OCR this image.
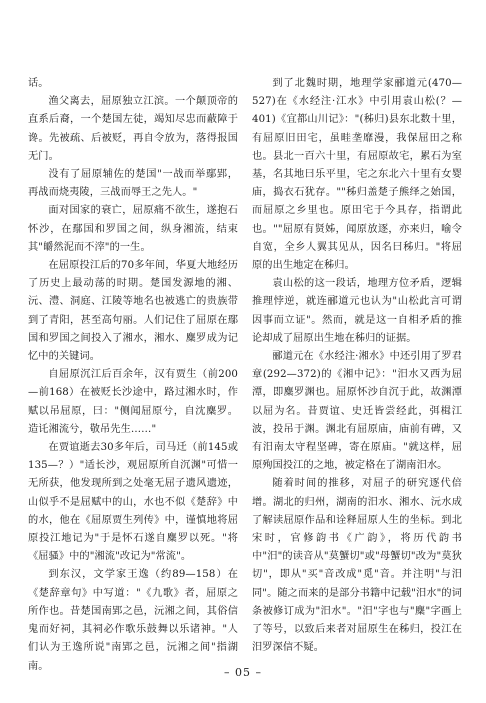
话。

渔父离去，屈原独立江滨。一个颠顶帝的直系后裔，一个楚国左徒，竭知尽忠而蔽障于谗。先被疏、后被贬，再自令放为，落得报国无门。

没有了屈原辅佐的楚国"一战而举鄢郢，再战而烧夷陵，三战而辱王之先人。"

面对国家的衰亡，屈原痛不欲生，遂抱石怀沙，在鄢国和罗国之间，纵身湘流，结束其"皭然泥而不滓"的一生。

在屈原投江后的70多年间，华夏大地经历了历史上最动荡的时期。楚国发源地的湘、沅、澧、洞庭、江陵等地名也被逃亡的贵族带到了青阳，甚至高句丽。人们记住了屈原在鄢国和罗国之间投入了湘水，湘水、麋罗成为记忆中的关键词。

自屈原沉江后百余年，汉有贾生（前200—前168）在被贬长沙途中，路过湘水时，作赋以吊屈原，曰："侧闻屈原兮，自沈麋罗。造讬湘流兮，敬吊先生……"

在贾谊逝去30多年后，司马迁（前145或135—？）"适长沙，观屈原所自沉渊"可惜一无所获，他发现所到之处毫无屈子遗风遗迹，山似乎不是屈赋中的山，水也不似《楚辞》中的水，他在《屈原贾生列传》中，谨慎地将屈原投江地记为"于是怀石遂自麋罗以死。"将《屈骚》中的"湘流"改记为"常流"。

到东汉，文学家王逸（约89—158）在《楚辞章句》中写道："《九歌》者，屈原之所作也。昔楚国南郢之邑，沅湘之间，其俗信鬼而好祠，其祠必作歌乐鼓舞以乐诸神。"人们认为王逸所说"南郢之邑，沅湘之间"指湖南。

到了北魏时期，地理学家郦道元(470—527)在《水经注·江水》中引用袁山松(？—401)《宜都山川记》："(秭归)县东北数十里，有屈原旧田宅，虽畦垄靡漫，我保屈田之称也。县北一百六十里，有屈原故宅，累石为室基，名其地曰乐平里，宅之东北六十里有女婴庙，捣衣石犹存。""秭归盖楚子熊绎之始国，而屈原之乡里也。原田宅于今具存，指谓此也。""屈原有贤姊，闻原放逐，亦来归，喻令自宽，全乡人翼其见从，因名曰秭归。"将屈原的出生地定在秭归。

袁山松的这一段话，地理方位矛盾，逻辑推理悖逆，就连郦道元也认为"山松此言可谓因事而立证"。然而，就是这一自相矛盾的推论却成了屈原出生地在秭归的证据。

郦道元在《水经注·湘水》中还引用了罗君章(292—372)的《湘中记》："汨水又西为屈潭，即麋罗渊也。屈原怀沙自沉于此，故渊潭以屈为名。昔贾谊、史迁皆尝经此，弭楫江波，投吊于渊。渊北有屈原庙，庙前有碑，又有汨南太守程坚碑，寄在原庙。"就这样，屈原殉国投江的之地，被定格在了湖南汨水。

随着时间的推移，对屈子的研究逐代倍增。湖北的归州，湖南的汨水、湘水、沅水成了解读屈原作品和诠释屈原人生的坐标。到北宋时，官修韵书《广韵》，将历代韵书中"汨"的读音从"莫蟹切"或"母蟹切"改为"莫狄切"，即从"买"音改成"觅"音。并注明"与汨同"。随之而来的是部分书籍中记载"汨水"的词条被修订成为"汨水"。"汨"字也与"麋"字画上了等号，以致后来者对屈原生在秭归，投江在汨罗深信不疑。

– 05 –
